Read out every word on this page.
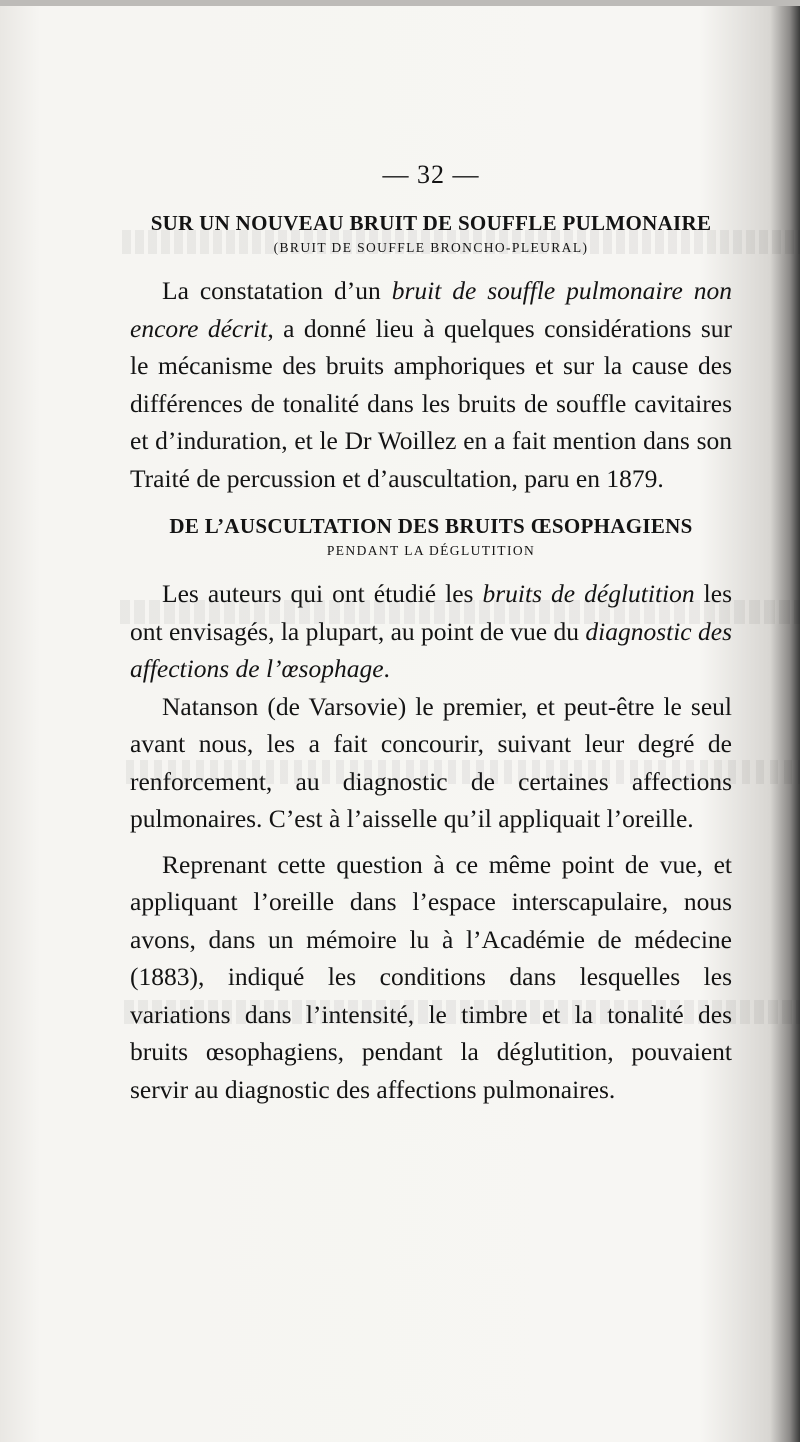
— 32 —
SUR UN NOUVEAU BRUIT DE SOUFFLE PULMONAIRE
(BRUIT DE SOUFFLE BRONCHO-PLEURAL)

La constatation d’un bruit de souffle pulmonaire non encore décrit, a donné lieu à quelques considérations sur le mécanisme des bruits amphoriques et sur la cause des différences de tonalité dans les bruits de souffle cavitaires et d’induration, et le Dr Woillez en a fait mention dans son Traité de percussion et d’auscultation, paru en 1879.

DE L’AUSCULTATION DES BRUITS ŒSOPHAGIENS
PENDANT LA DÉGLUTITION

Les auteurs qui ont étudié les bruits de déglutition les ont envisagés, la plupart, au point de vue du diagnostic des affections de l’œsophage.

Natanson (de Varsovie) le premier, et peut-être le seul avant nous, les a fait concourir, suivant leur degré de renforcement, au diagnostic de certaines affections pulmonaires. C’est à l’aisselle qu’il appliquait l’oreille.

Reprenant cette question à ce même point de vue, et appliquant l’oreille dans l’espace interscapulaire, nous avons, dans un mémoire lu à l’Académie de médecine (1883), indiqué les conditions dans lesquelles les variations dans l’intensité, le timbre et la tonalité des bruits œsophagiens, pendant la déglutition, pouvaient servir au diagnostic des affections pulmonaires.
